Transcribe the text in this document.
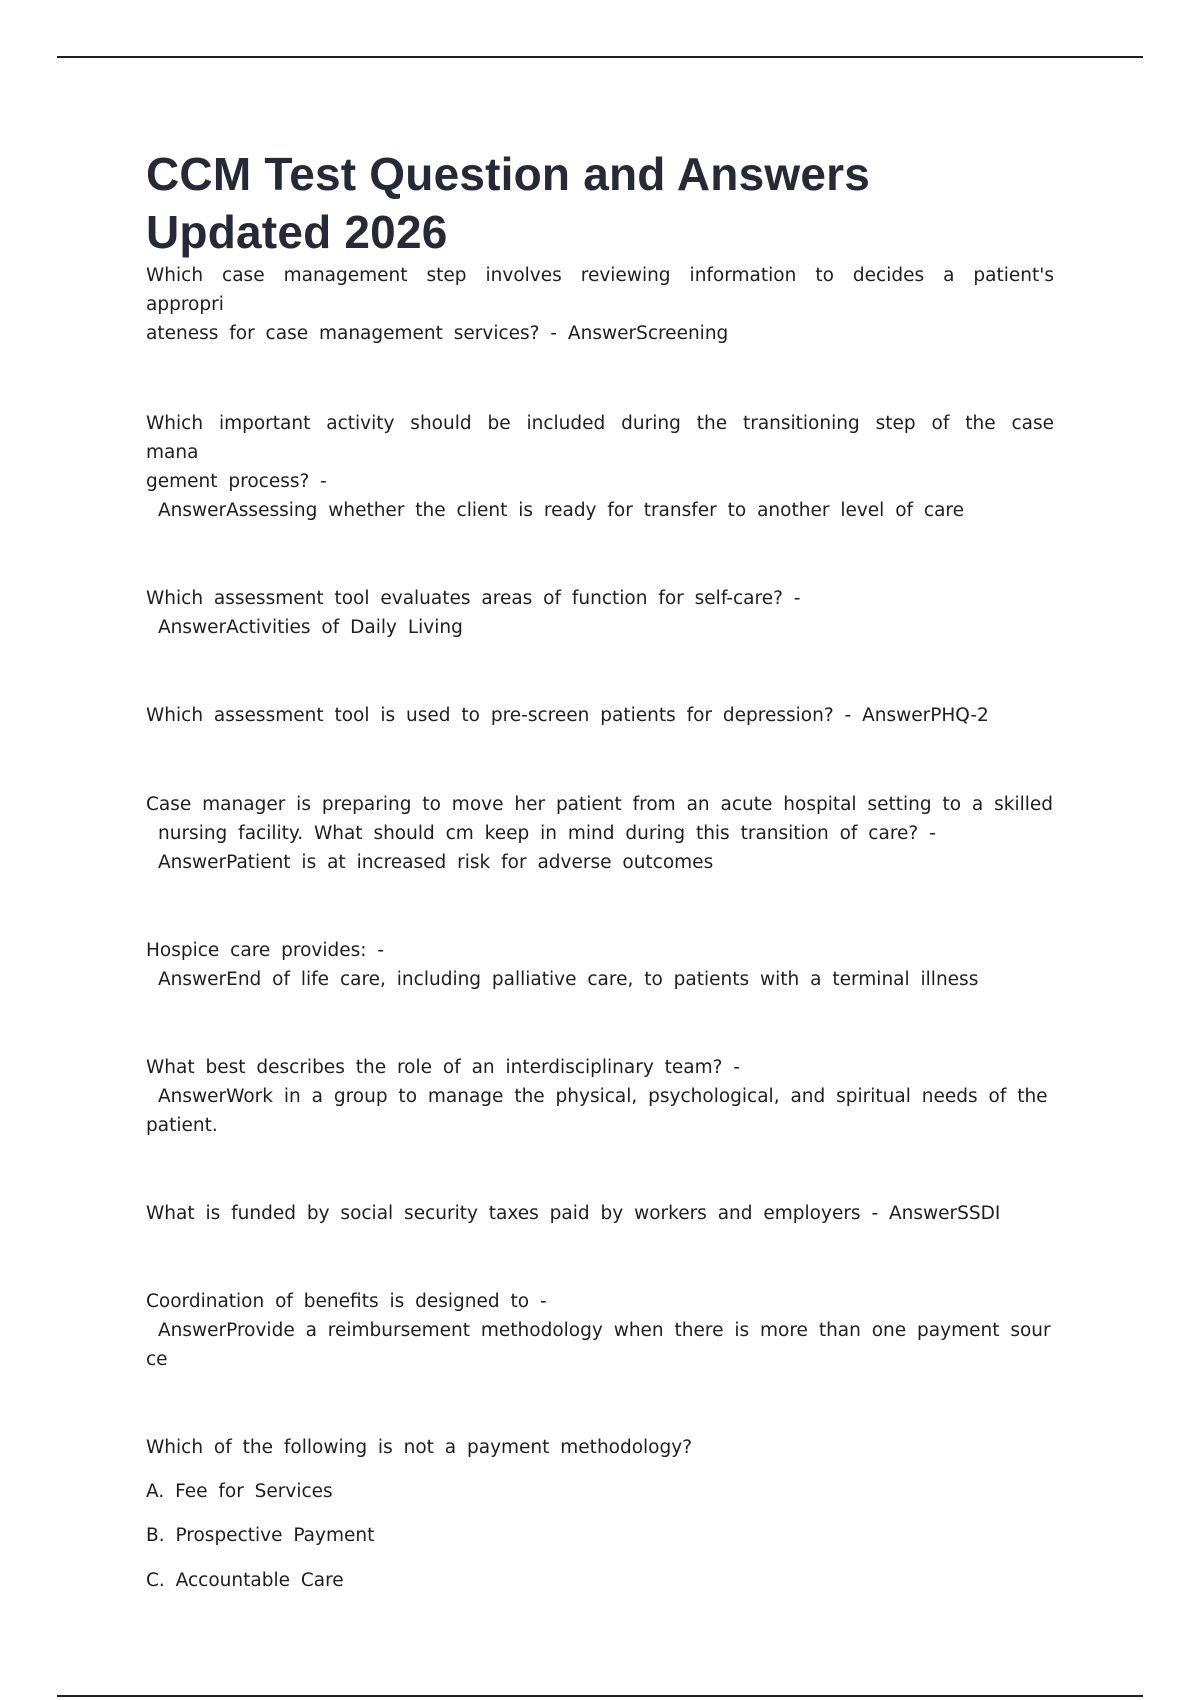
CCM Test Question and Answers
Updated 2026
Which case management step involves reviewing information to decides a patient's appropri
ateness for case management services? - AnswerScreening
Which important activity should be included during the transitioning step of the case mana
gement process? -
AnswerAssessing whether the client is ready for transfer to another level of care
Which assessment tool evaluates areas of function for self-care? -
AnswerActivities of Daily Living
Which assessment tool is used to pre-screen patients for depression? - AnswerPHQ-2
Case manager is preparing to move her patient from an acute hospital setting to a skilled
nursing facility. What should cm keep in mind during this transition of care? -
AnswerPatient is at increased risk for adverse outcomes
Hospice care provides: -
AnswerEnd of life care, including palliative care, to patients with a terminal illness
What best describes the role of an interdisciplinary team? -
AnswerWork in a group to manage the physical, psychological, and spiritual needs of the
patient.
What is funded by social security taxes paid by workers and employers - AnswerSSDI
Coordination of benefits is designed to -
AnswerProvide a reimbursement methodology when there is more than one payment sour
ce
Which of the following is not a payment methodology?
A. Fee for Services
B. Prospective Payment
C. Accountable Care
